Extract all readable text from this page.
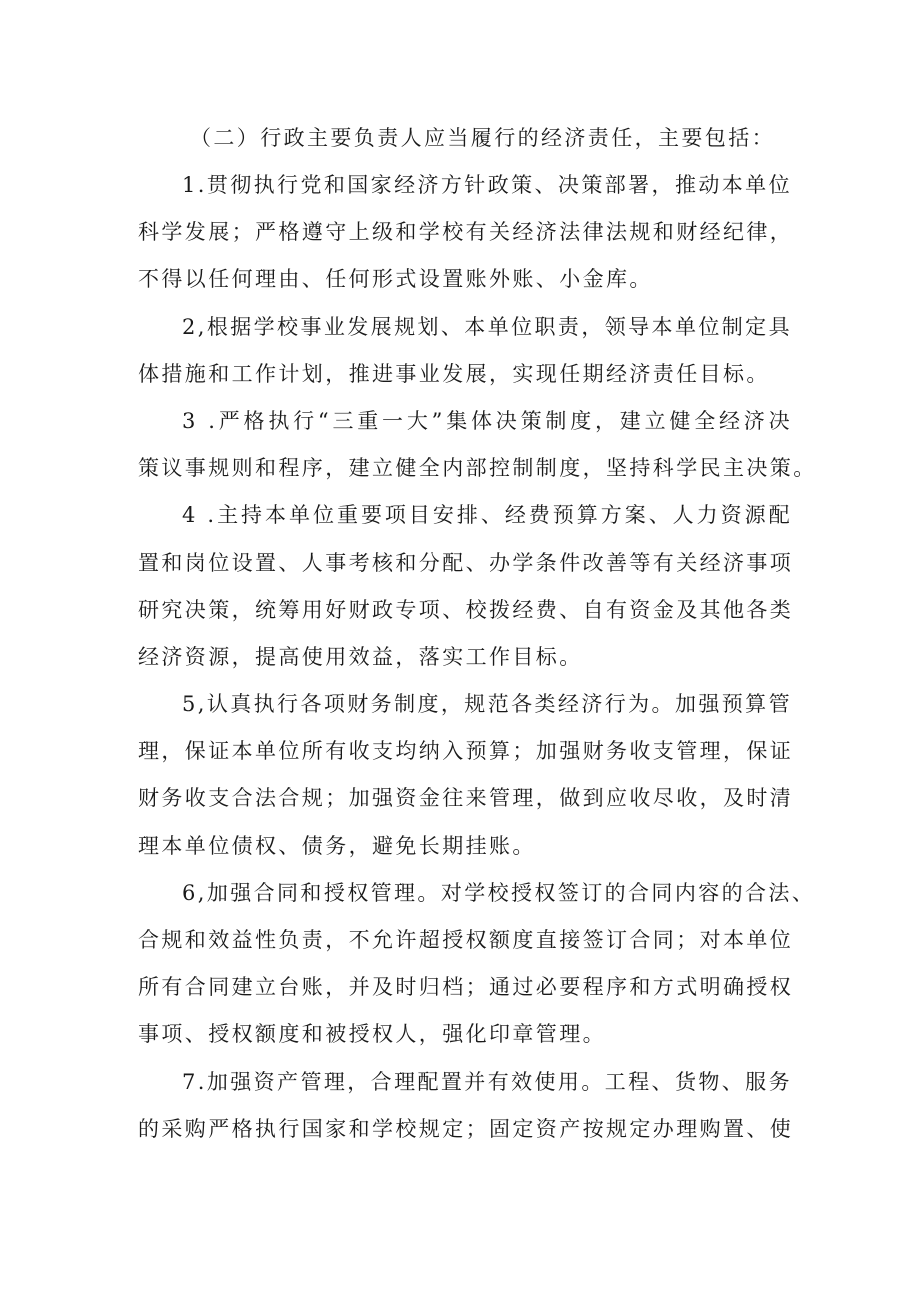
（二）行政主要负责人应当履行的经济责任，主要包括：

1.贯彻执行党和国家经济方针政策、决策部署，推动本单位
科学发展；严格遵守上级和学校有关经济法律法规和财经纪律，
不得以任何理由、任何形式设置账外账、小金库。

2,根据学校事业发展规划、本单位职责，领导本单位制定具
体措施和工作计划，推进事业发展，实现任期经济责任目标。

3 .严格执行“三重一大”集体决策制度，建立健全经济决
策议事规则和程序，建立健全内部控制制度，坚持科学民主决策。

4 .主持本单位重要项目安排、经费预算方案、人力资源配
置和岗位设置、人事考核和分配、办学条件改善等有关经济事项
研究决策，统筹用好财政专项、校拨经费、自有资金及其他各类
经济资源，提高使用效益，落实工作目标。

5,认真执行各项财务制度，规范各类经济行为。加强预算管
理，保证本单位所有收支均纳入预算；加强财务收支管理，保证
财务收支合法合规；加强资金往来管理，做到应收尽收，及时清
理本单位债权、债务，避免长期挂账。

6,加强合同和授权管理。对学校授权签订的合同内容的合法、
合规和效益性负责，不允许超授权额度直接签订合同；对本单位
所有合同建立台账，并及时归档；通过必要程序和方式明确授权
事项、授权额度和被授权人，强化印章管理。

7.加强资产管理，合理配置并有效使用。工程、货物、服务
的采购严格执行国家和学校规定；固定资产按规定办理购置、使
